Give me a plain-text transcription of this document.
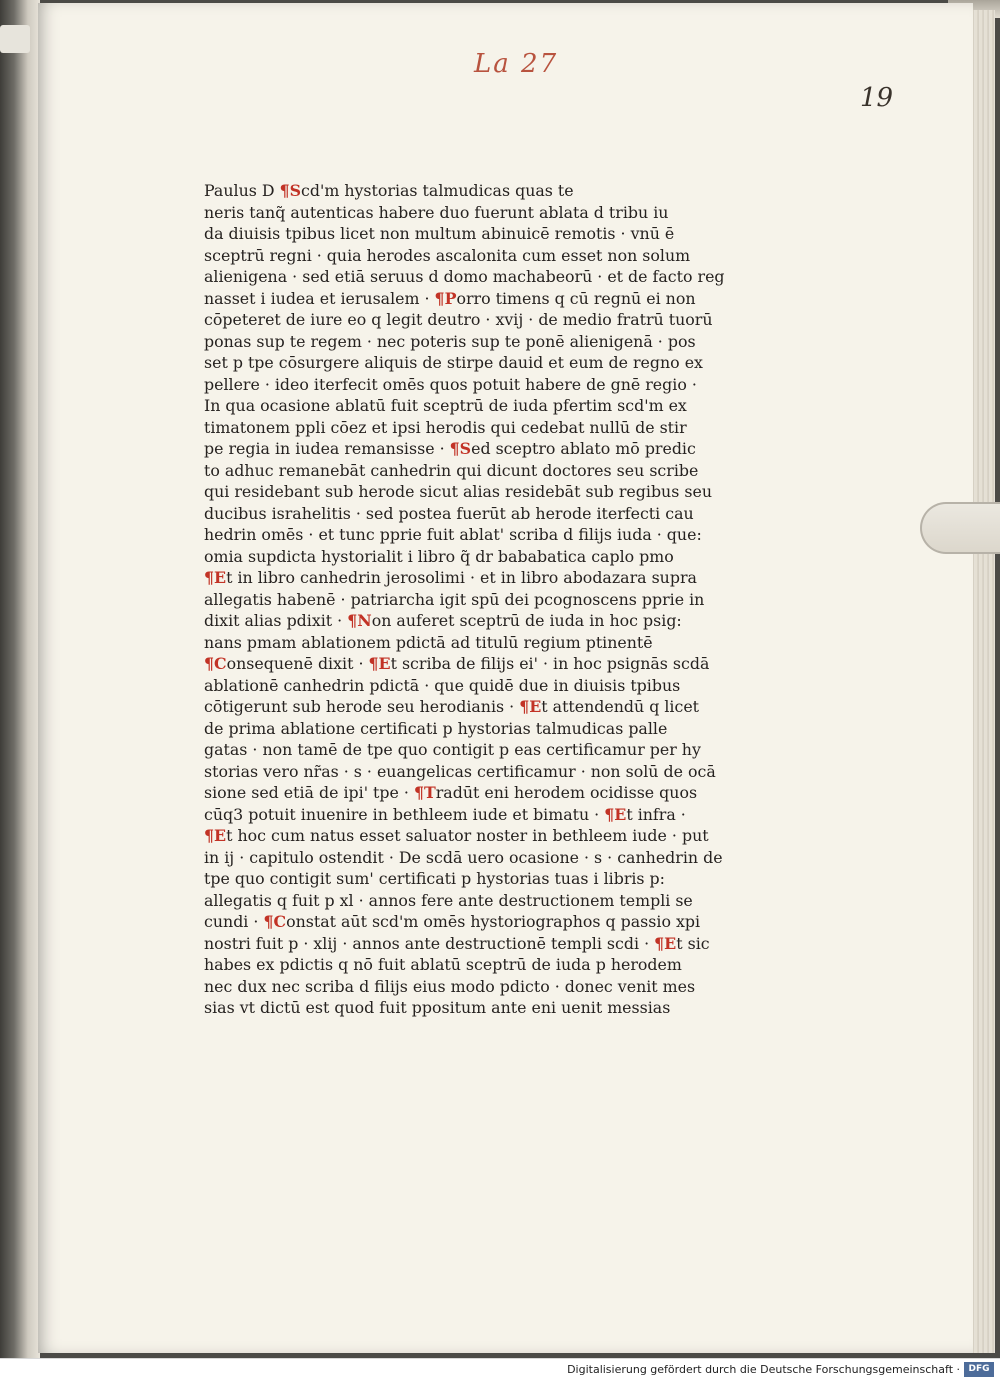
La 27
19
Paulus D ¶Scd'm hystorias talmudicas quas te
neris tanq̃ autenticas habere duo fuerunt ablata d tribu iu
da diuisis tpibus licet non multum abinuicē remotis · vnū ē
sceptrū regni · quia herodes ascalonita cum esset non solum
alienigena · sed etiā seruus d domo machabeorū · et de facto reg
nasset i iudea et ierusalem · ¶Porro timens q cū regnū ei non
cōpeteret de iure eo q legit deutro · xvij · de medio fratrū tuorū
ponas sup te regem · nec poteris sup te ponē alienigenā · pos
set p tpe cōsurgere aliquis de stirpe dauid et eum de regno ex
pellere · ideo iterfecit omēs quos potuit habere de gnē regio ·
In qua ocasione ablatū fuit sceptrū de iuda pfertim scd'm ex
timatonem ppli cōez et ipsi herodis qui cedebat nullū de stir
pe regia in iudea remansisse · ¶Sed sceptro ablato mō predic
to adhuc remanebāt canhedrin qui dicunt doctores seu scribe
qui residebant sub herode sicut alias residebāt sub regibus seu
ducibus israhelitis · sed postea fuerūt ab herode iterfecti cau
hedrin omēs · et tunc pprie fuit ablat' scriba d filijs iuda · que:
omia supdicta hystorialit i libro q̃ dr bababatica caplo pmo
¶Et in libro canhedrin jerosolimi · et in libro abodazara supra
allegatis habenē · patriarcha igit spū dei pcognoscens pprie in
dixit alias pdixit · ¶Non auferet sceptrū de iuda in hoc psig:
nans pmam ablationem pdictā ad titulū regium ptinentē
¶Consequenē dixit · ¶Et scriba de filijs ei' · in hoc psignās scdā
ablationē canhedrin pdictā · que quidē due in diuisis tpibus
cōtigerunt sub herode seu herodianis · ¶Et attendendū q licet
de prima ablatione certificati p hystorias talmudicas palle
gatas · non tamē de tpe quo contigit p eas certificamur per hy
storias vero nr̃as · s · euangelicas certificamur · non solū de ocā
sione sed etiā de ipi' tpe · ¶Tradūt eni herodem ocidisse quos
cūq3 potuit inuenire in bethleem iude et bimatu · ¶Et infra ·
¶Et hoc cum natus esset saluator noster in bethleem iude · put
in ij · capitulo ostendit · De scdā uero ocasione · s · canhedrin de
tpe quo contigit sum' certificati p hystorias tuas i libris p:
allegatis q fuit p xl · annos fere ante destructionem templi se
cundi · ¶Constat aūt scd'm omēs hystoriographos q passio xpi
nostri fuit p · xlij · annos ante destructionē templi scdi · ¶Et sic
habes ex pdictis q nō fuit ablatū sceptrū de iuda p herodem
nec dux nec scriba d filijs eius modo pdicto · donec venit mes
sias vt dictū est quod fuit ppositum ante eni uenit messias
Digitalisierung gefördert durch die Deutsche Forschungsgemeinschaft · DFG
